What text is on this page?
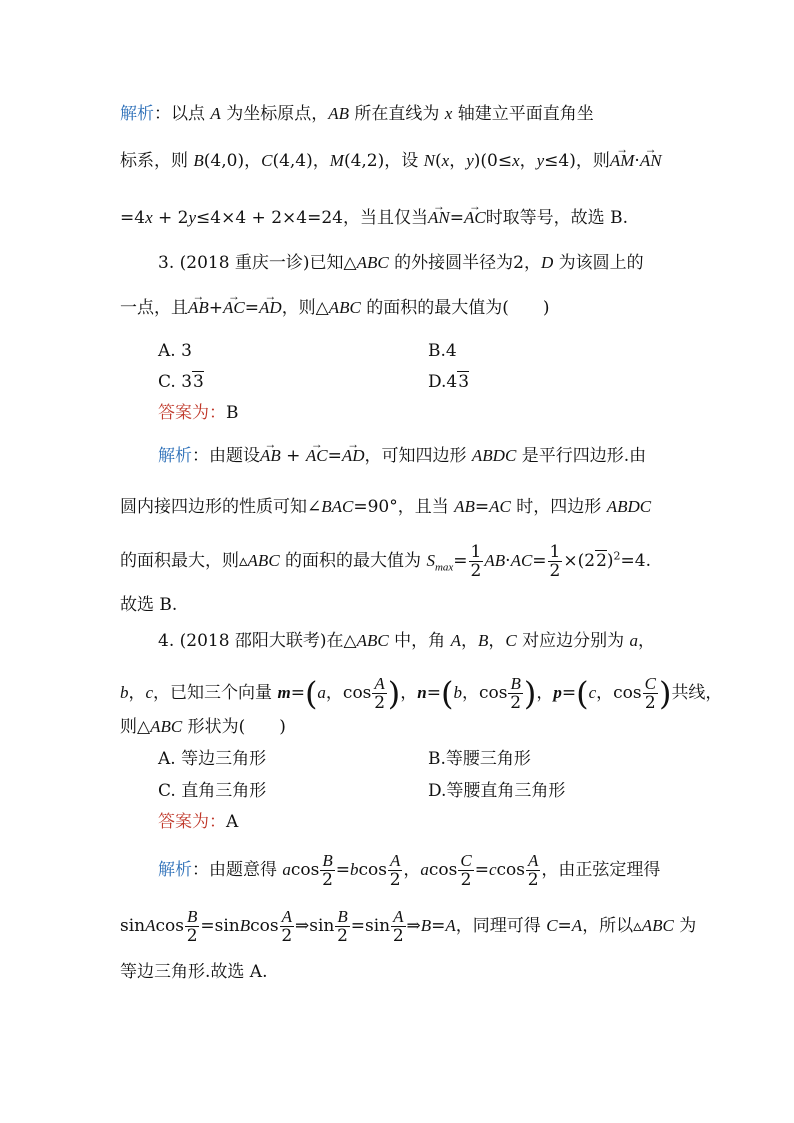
解析：以点 A 为坐标原点，AB 所在直线为 x 轴建立平面直角坐
标系，则 B(4,0)，C(4,4)，M(4,2)，设 N(x，y)(0≤x，y≤4)，则→ AM·→ AN
=4x + 2y≤4×4 + 2×4=24，当且仅当→ AN=→ AC时取等号，故选 B.
3. (2018 重庆一诊)已知△ABC 的外接圆半径为2，D 为该圆上的
一点，且→ AB+→ AC=→ AD，则△ABC 的面积的最大值为(　　)
A. 3	B.4
C. 33	D.43
答案为：B
解析：由题设→ AB + → AC=→ AD，可知四边形 ABDC 是平行四边形.由
圆内接四边形的性质可知∠BAC=90°，且当 AB=AC 时，四边形 ABDC
的面积最大，则▵ABC 的面积的最大值为 $S_{max}= \frac{1}{2} AB\cdot AC= \frac{1}{2} \times(22)^2=4$.
故选 B.
4. (2018 邵阳大联考)在△ABC 中，角 A，B，C 对应边分别为 a，
b，c，已知三个向量 m=(a，$\cos \frac{A}{2}$ )，n=(b，$\cos \frac{B}{2}$ )，p=(c，$\cos \frac{C}{2}$ )共线，
则△ABC 形状为(　　)
A. 等边三角形	B.等腰三角形
C. 直角三角形	D.等腰直角三角形
答案为：A
解析：由题意得 acos $\frac{B}{2} =bcos \frac{A}{2}$ ，acos $\frac{C}{2} =ccos \frac{A}{2}$ ，由正弦定理得
sinAcos $\frac{B}{2}$ =sinBcos $\frac{A}{2}$ ⇒sin $\frac{B}{2} =\sin \frac{A}{2}$ ⇒B=A，同理可得 C=A，所以▵ABC 为
等边三角形.故选 A.
